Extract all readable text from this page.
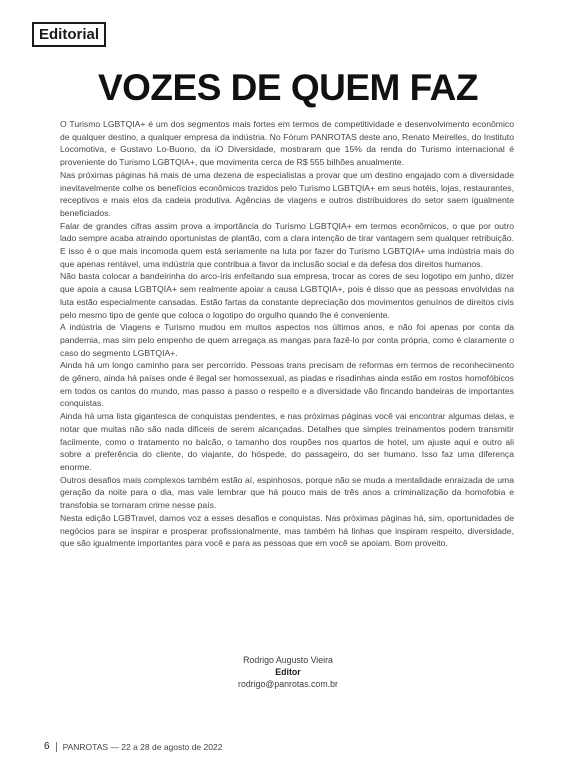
Editorial
VOZES DE QUEM FAZ

O Turismo LGBTQIA+ é um dos segmentos mais fortes em termos de competitividade e desenvolvimento econômico de qualquer destino, a qualquer empresa da indústria. No Fórum PANROTAS deste ano, Renato Meirelles, do Instituto Locomotiva, e Gustavo Lo-Buono, da iO Diversidade, mostraram que 15% da renda do Turismo internacional é proveniente do Turismo LGBTQIA+, que movimenta cerca de R$ 555 bilhões anualmente.

Nas próximas páginas há mais de uma dezena de especialistas a provar que um destino engajado com a diversidade inevitavelmente colhe os benefícios econômicos trazidos pelo Turismo LGBTQIA+ em seus hotéis, lojas, restaurantes, receptivos e mais elos da cadeia produtiva. Agências de viagens e outros distribuidores do setor saem igualmente beneficiados.

Falar de grandes cifras assim prova a importância do Turismo LGBTQIA+ em termos econômicos, o que por outro lado sempre acaba atraindo oportunistas de plantão, com a clara intenção de tirar vantagem sem qualquer retribuição. E isso é o que mais incomoda quem está seriamente na luta por fazer do Turismo LGBTQIA+ uma indústria mais do que apenas rentável, uma indústria que contribua a favor da inclusão social e da defesa dos direitos humanos.

Não basta colocar a bandeirinha do arco-íris enfeitando sua empresa, trocar as cores de seu logotipo em junho, dizer que apoia a causa LGBTQIA+ sem realmente apoiar a causa LGBTQIA+, pois é disso que as pessoas envolvidas na luta estão especialmente cansadas. Estão fartas da constante depreciação dos movimentos genuínos de direitos civis pelo mesmo tipo de gente que coloca o logotipo do orgulho quando lhe é conveniente.

A indústria de Viagens e Turismo mudou em muitos aspectos nos últimos anos, e não foi apenas por conta da pandemia, mas sim pelo empenho de quem arregaça as mangas para fazê-lo por conta própria, como é claramente o caso do segmento LGBTQIA+.

Ainda há um longo caminho para ser percorrido. Pessoas trans precisam de reformas em termos de reconhecimento de gênero, ainda há países onde é ilegal ser homossexual, as piadas e risadinhas ainda estão em rostos homofóbicos em todos os cantos do mundo, mas passo a passo o respeito e a diversidade vão fincando bandeiras de importantes conquistas.

Ainda há uma lista gigantesca de conquistas pendentes, e nas próximas páginas você vai encontrar algumas delas, e notar que muitas não são nada difíceis de serem alcançadas. Detalhes que simples treinamentos podem transmitir facilmente, como o tratamento no balcão, o tamanho dos roupões nos quartos de hotel, um ajuste aqui e outro ali sobre a preferência do cliente, do viajante, do hóspede, do passageiro, do ser humano. Isso faz uma diferença enorme.

Outros desafios mais complexos também estão aí, espinhosos, porque não se muda a mentalidade enraizada de uma geração da noite para o dia, mas vale lembrar que há pouco mais de três anos a criminalização da homofobia e transfobia se tornaram crime nesse país.

Nesta edição LGBTravel, damos voz a esses desafios e conquistas. Nas próximas páginas há, sim, oportunidades de negócios para se inspirar e prosperar profissionalmente, mas também há linhas que inspiram respeito, diversidade, que são igualmente importantes para você e para as pessoas que em você se apoiam. Bom proveito.

Rodrigo Augusto Vieira
Editor
rodrigo@panrotas.com.br
6 PANROTAS — 22 a 28 de agosto de 2022
